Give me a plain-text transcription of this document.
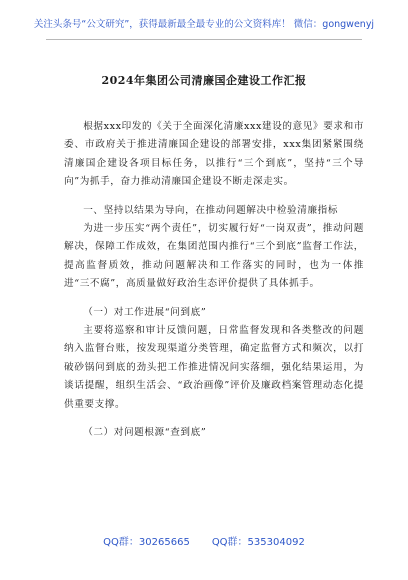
关注头条号“公文研究”，获得最新最全最专业的公文资料库！ 微信：gongwenyj
2024年集团公司清廉国企建设工作汇报

根据xxx印发的《关于全面深化清廉xxx建设的意见》要求和市委、市政府关于推进清廉国企建设的部署安排，xxx集团紧紧围绕清廉国企建设各项目标任务，以推行“三个到底”，坚持“三个导向”为抓手，奋力推动清廉国企建设不断走深走实。

一、坚持以结果为导向，在推动问题解决中检验清廉指标

为进一步压实“两个责任”，切实履行好“一岗双责”，推动问题解决，保障工作成效，在集团范围内推行“三个到底”监督工作法，提高监督质效，推动问题解决和工作落实的同时，也为一体推进“三不腐”，高质量做好政治生态评价提供了具体抓手。

（一）对工作进展“问到底”

主要将巡察和审计反馈问题，日常监督发现和各类整改的问题纳入监督台账，按发现渠道分类管理，确定监督方式和频次，以打破砂锅问到底的劲头把工作推进情况问实落细，强化结果运用，为谈话提醒，组织生活会、“政治画像”评价及廉政档案管理动态化提供重要支撑。

（二）对问题根源“查到底”

QQ群：30265665 QQ群：535304092
